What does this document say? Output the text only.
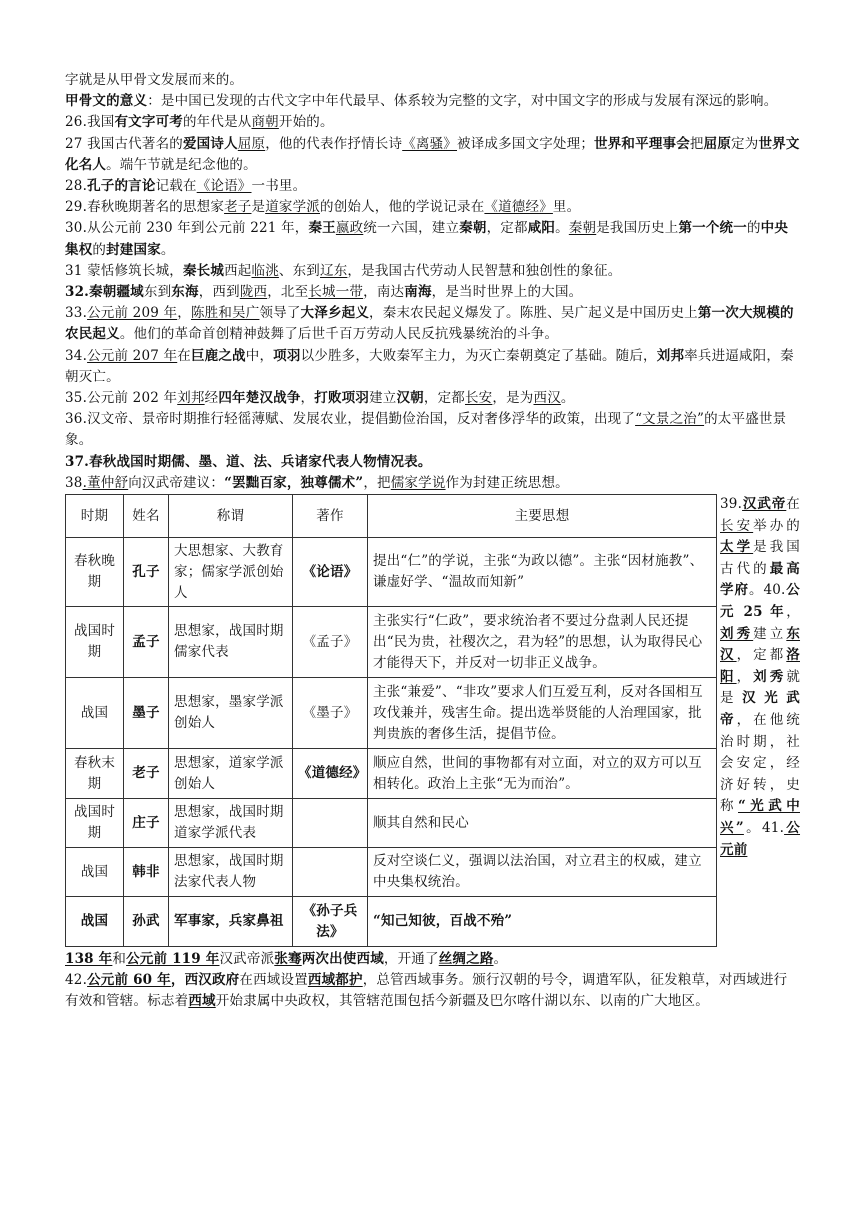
字就是从甲骨文发展而来的。

甲骨文的意义：是中国已发现的古代文字中年代最早、体系较为完整的文字，对中国文字的形成与发展有深远的影响。

26.我国有文字可考的年代是从商朝开始的。

27 我国古代著名的爱国诗人屈原，他的代表作抒情长诗《离骚》被译成多国文字处理；世界和平理事会把屈原定为世界文化名人。端午节就是纪念他的。

28.孔子的言论记载在《论语》一书里。

29.春秋晚期著名的思想家老子是道家学派的创始人，他的学说记录在《道德经》里。

30.从公元前 230 年到公元前 221 年，秦王嬴政统一六国，建立秦朝，定都咸阳。秦朝是我国历史上第一个统一的中央集权的封建国家。

31 蒙恬修筑长城，秦长城西起临洮、东到辽东，是我国古代劳动人民智慧和独创性的象征。

32.秦朝疆域东到东海，西到陇西，北至长城一带，南达南海，是当时世界上的大国。

33.公元前 209 年，陈胜和吴广领导了大泽乡起义，秦末农民起义爆发了。陈胜、吴广起义是中国历史上第一次大规模的农民起义。他们的革命首创精神鼓舞了后世千百万劳动人民反抗残暴统治的斗争。

34.公元前 207 年在巨鹿之战中，项羽以少胜多，大败秦军主力，为灭亡秦朝奠定了基础。随后，刘邦率兵进逼咸阳，秦朝灭亡。

35.公元前 202 年刘邦经四年楚汉战争，打败项羽建立汉朝，定都长安，是为西汉。

36.汉文帝、景帝时期推行轻徭薄赋、发展农业，提倡勤俭治国，反对奢侈浮华的政策，出现了“文景之治”的太平盛世景象。

37.春秋战国时期儒、墨、道、法、兵诸家代表人物情况表。

38.董仲舒向汉武帝建议：“罢黜百家，独尊儒术”，把儒家学说作为封建正统思想。

时期	姓名	称谓	著作	主要思想
春秋晚期	孔子	大思想家、大教育家；儒家学派创始人	《论语》	提出“仁”的学说，主张“为政以德”。主张“因材施教”、谦虚好学、“温故而知新”
战国时期	孟子	思想家，战国时期儒家代表	《孟子》	主张实行“仁政”，要求统治者不要过分盘剥人民还提出“民为贵，社稷次之，君为轻”的思想，认为取得民心才能得天下，并反对一切非正义战争。
战国	墨子	思想家，墨家学派创始人	《墨子》	主张“兼爱”、“非攻”要求人们互爱互利，反对各国相互攻伐兼并，残害生命。提出选举贤能的人治理国家，批判贵族的奢侈生活，提倡节俭。
春秋末期	老子	思想家，道家学派创始人	《道德经》	顺应自然，世间的事物都有对立面，对立的双方可以互相转化。政治上主张“无为而治”。
战国时期	庄子	思想家，战国时期道家学派代表		顺其自然和民心
战国	韩非	思想家，战国时期法家代表人物		反对空谈仁义，强调以法治国，对立君主的权威，建立中央集权统治。
战国	孙武	军事家，兵家鼻祖	《孙子兵法》	“知己知彼，百战不殆”
39.汉武帝在长安举办的太学是我国古代的最高学府。40.公元 25 年，刘秀建立东汉，定都洛阳，刘秀就是汉光武帝，在他统治时期，社会安定，经济好转，史称“光武中兴”。41.公元前

138 年和公元前 119 年汉武帝派张骞两次出使西域，开通了丝绸之路。

42.公元前 60 年，西汉政府在西域设置西域都护，总管西域事务。颁行汉朝的号令，调遣军队，征发粮草，对西域进行有效和管辖。标志着西域开始隶属中央政权，其管辖范围包括今新疆及巴尔喀什湖以东、以南的广大地区。
